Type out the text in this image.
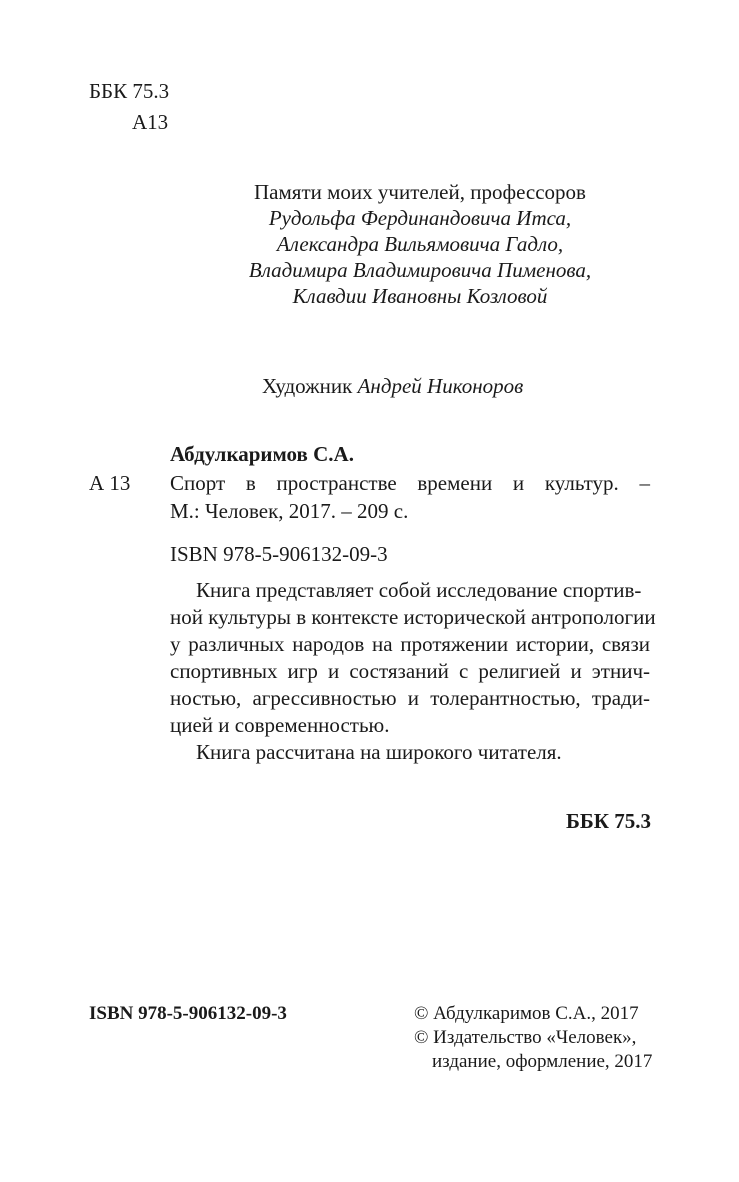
ББК 75.3
А13
Памяти моих учителей, профессоров
Рудольфа Фердинандовича Итса,
Александра Вильямовича Гадло,
Владимира Владимировича Пименова,
Клавдии Ивановны Козловой
Художник Андрей Никоноров
Абдулкаримов С.А.
А 13 Спорт в пространстве времени и культур. –
М.: Человек, 2017. – 209 с.
ISBN 978-5-906132-09-3
Книга представляет собой исследование спортив-
ной культуры в контексте исторической антропологии
у различных народов на протяжении истории, связи
спортивных игр и состязаний с религией и этнич-
ностью, агрессивностью и толерантностью, тради-
цией и современностью.
Книга рассчитана на широкого читателя.
ББК 75.3
ISBN 978-5-906132-09-3	© Абдулкаримов С.А., 2017
© Издательство «Человек»,
издание, оформление, 2017
